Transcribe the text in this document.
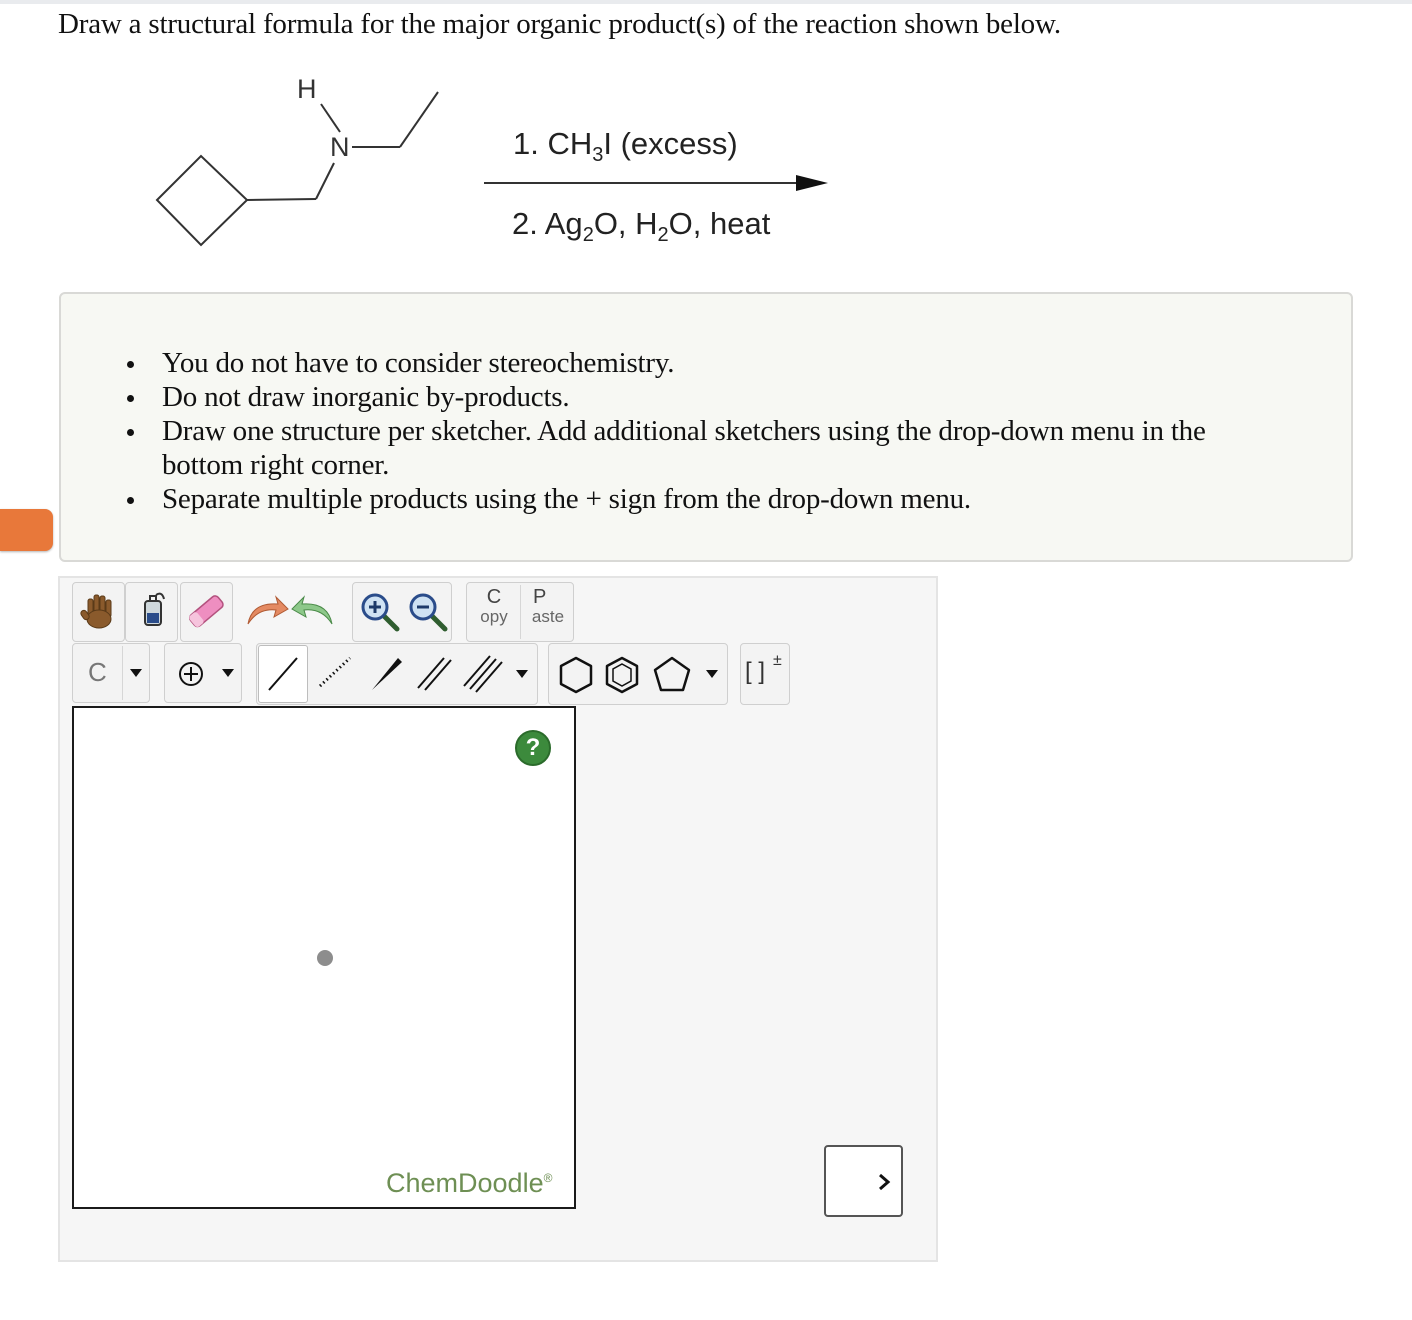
Draw a structural formula for the major organic product(s) of the reaction shown below.
H
N	1. $CH_3I$ (excess)
2. $Ag_2O$, $H_2O$, heat
You do not have to consider stereochemistry.
Do not draw inorganic by-products.
Draw one structure per sketcher. Add additional sketchers using the drop-down menu in the bottom right corner.
Separate multiple products using the + sign from the drop-down menu.
C
opy
P
aste
C	[ ] ±
?
ChemDoodle®
